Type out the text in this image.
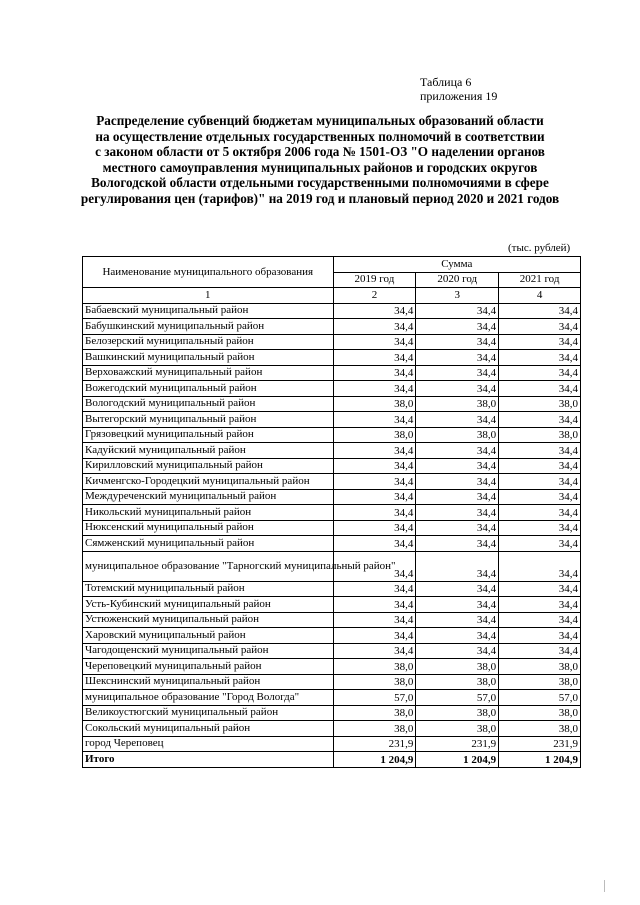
Таблица 6
приложения 19
Распределение субвенций бюджетам муниципальных образований области
на осуществление отдельных государственных полномочий в соответствии
с законом области от 5 октября 2006 года № 1501-ОЗ "О наделении органов
местного самоуправления муниципальных районов и городских округов
Вологодской области отдельными государственными полномочиями в сфере
регулирования цен (тарифов)" на 2019 год и плановый период 2020 и 2021 годов
(тыс. рублей)
Наименование муниципального образования	Сумма		
	2019 год	2020 год	2021 год
1	2	3	4
Бабаевский муниципальный район	34,4	34,4	34,4
Бабушкинский муниципальный район	34,4	34,4	34,4
Белозерский муниципальный район	34,4	34,4	34,4
Вашкинский муниципальный район	34,4	34,4	34,4
Верховажский муниципальный район	34,4	34,4	34,4
Вожегодский муниципальный район	34,4	34,4	34,4
Вологодский муниципальный район	38,0	38,0	38,0
Вытегорский муниципальный район	34,4	34,4	34,4
Грязовецкий муниципальный район	38,0	38,0	38,0
Кадуйский муниципальный район	34,4	34,4	34,4
Кирилловский муниципальный район	34,4	34,4	34,4
Кичменгско-Городецкий муниципальный район	34,4	34,4	34,4
Междуреченский муниципальный район	34,4	34,4	34,4
Никольский муниципальный район	34,4	34,4	34,4
Нюксенский муниципальный район	34,4	34,4	34,4
Сямженский муниципальный район	34,4	34,4	34,4
муниципальное образование "Тарногский муниципальный район"	34,4	34,4	34,4
Тотемский муниципальный район	34,4	34,4	34,4
Усть-Кубинский муниципальный район	34,4	34,4	34,4
Устюженский муниципальный район	34,4	34,4	34,4
Харовский муниципальный район	34,4	34,4	34,4
Чагодощенский муниципальный район	34,4	34,4	34,4
Череповецкий муниципальный район	38,0	38,0	38,0
Шекснинский муниципальный район	38,0	38,0	38,0
муниципальное образование "Город Вологда"	57,0	57,0	57,0
Великоустюгский муниципальный район	38,0	38,0	38,0
Сокольский муниципальный район	38,0	38,0	38,0
город Череповец	231,9	231,9	231,9
Итого	1 204,9	1 204,9	1 204,9
